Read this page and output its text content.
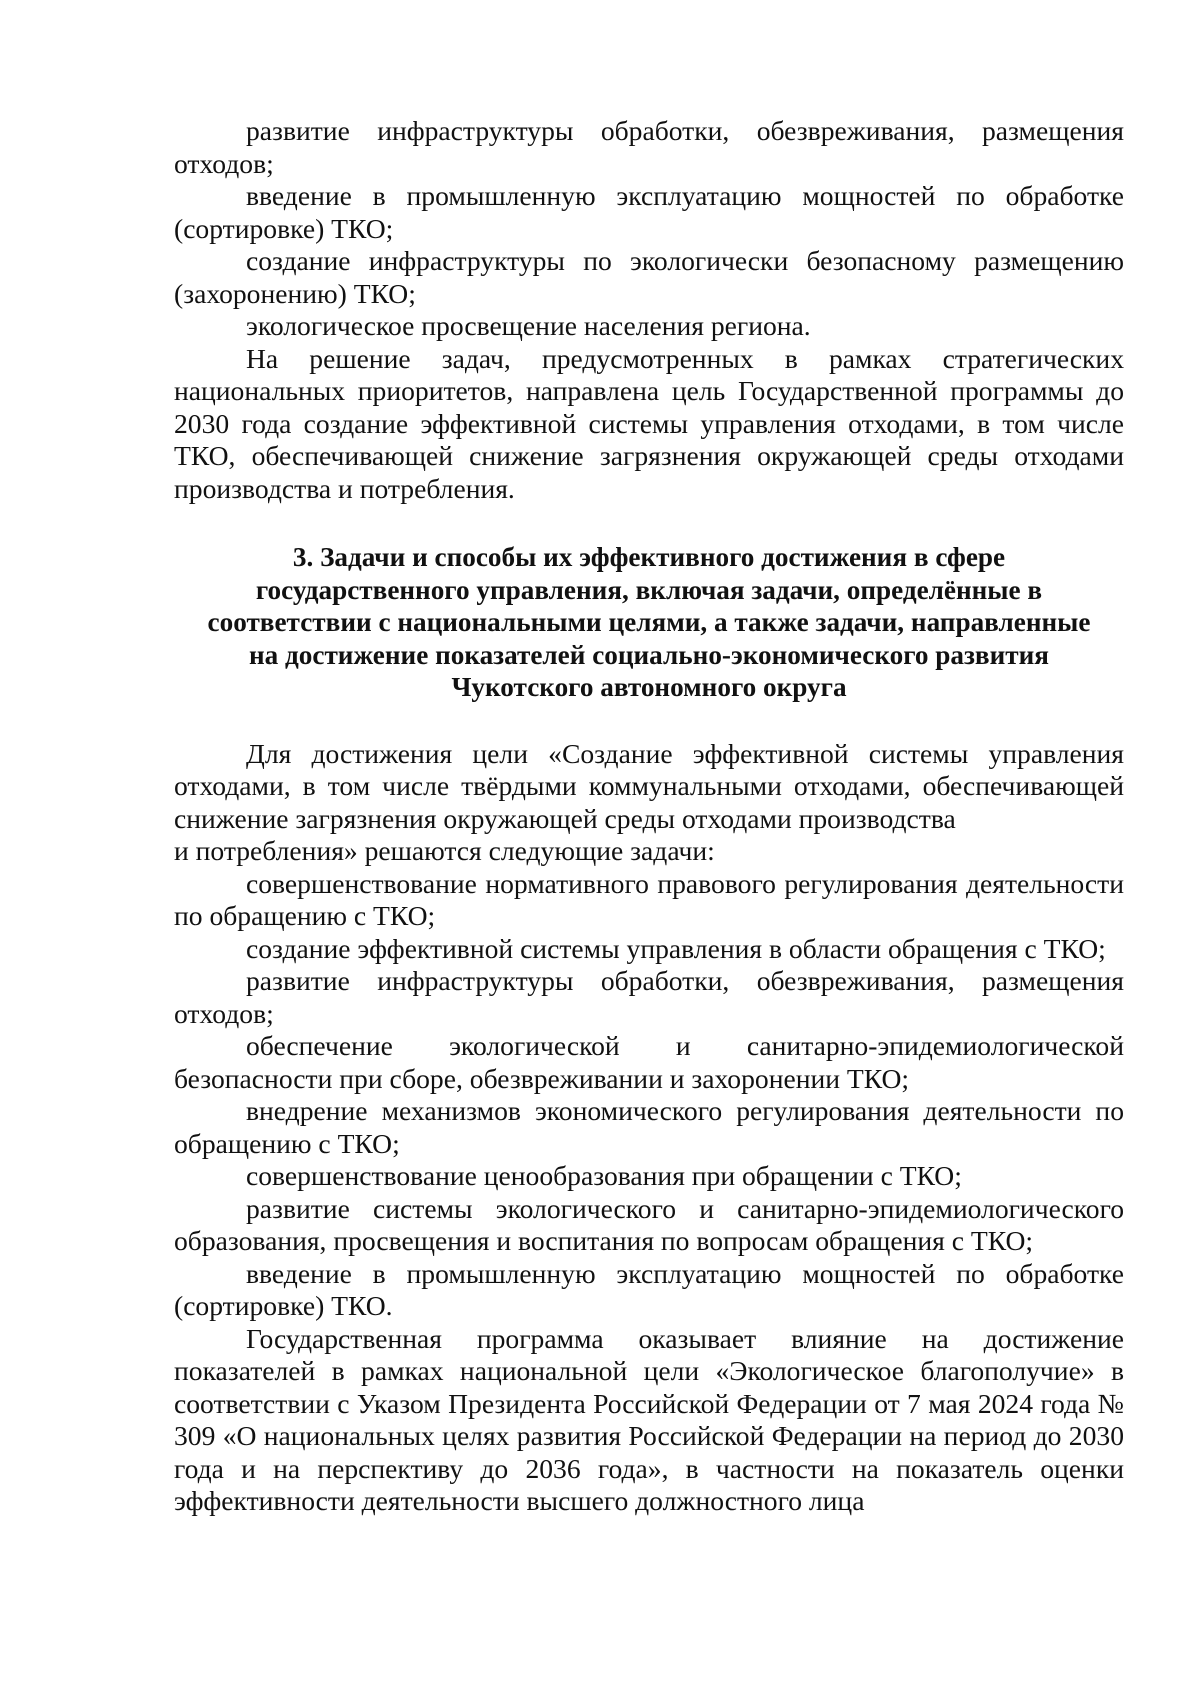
развитие инфраструктуры обработки, обезвреживания, размещения отходов;

введение в промышленную эксплуатацию мощностей по обработке (сортировке) ТКО;

создание инфраструктуры по экологически безопасному размещению (захоронению) ТКО;

экологическое просвещение населения региона.

На решение задач, предусмотренных в рамках стратегических национальных приоритетов, направлена цель Государственной программы до 2030 года создание эффективной системы управления отходами, в том числе ТКО, обеспечивающей снижение загрязнения окружающей среды отходами производства и потребления.

3. Задачи и способы их эффективного достижения в сфере
государственного управления, включая задачи, определённые в
соответствии с национальными целями, а также задачи, направленные
на достижение показателей социально-экономического развития
Чукотского автономного округа

Для достижения цели «Создание эффективной системы управления отходами, в том числе твёрдыми коммунальными отходами, обеспечивающей снижение загрязнения окружающей среды отходами производства

и потребления» решаются следующие задачи:

совершенствование нормативного правового регулирования деятельности по обращению с ТКО;

создание эффективной системы управления в области обращения с ТКО;

развитие инфраструктуры обработки, обезвреживания, размещения отходов;

обеспечение экологической и санитарно-эпидемиологической безопасности при сборе, обезвреживании и захоронении ТКО;

внедрение механизмов экономического регулирования деятельности по обращению с ТКО;

совершенствование ценообразования при обращении с ТКО;

развитие системы экологического и санитарно-эпидемиологического образования, просвещения и воспитания по вопросам обращения с ТКО;

введение в промышленную эксплуатацию мощностей по обработке (сортировке) ТКО.

Государственная программа оказывает влияние на достижение показателей в рамках национальной цели «Экологическое благополучие» в соответствии с Указом Президента Российской Федерации от 7 мая 2024 года № 309 «О национальных целях развития Российской Федерации на период до 2030 года и на перспективу до 2036 года», в частности на показатель оценки эффективности деятельности высшего должностного лица
